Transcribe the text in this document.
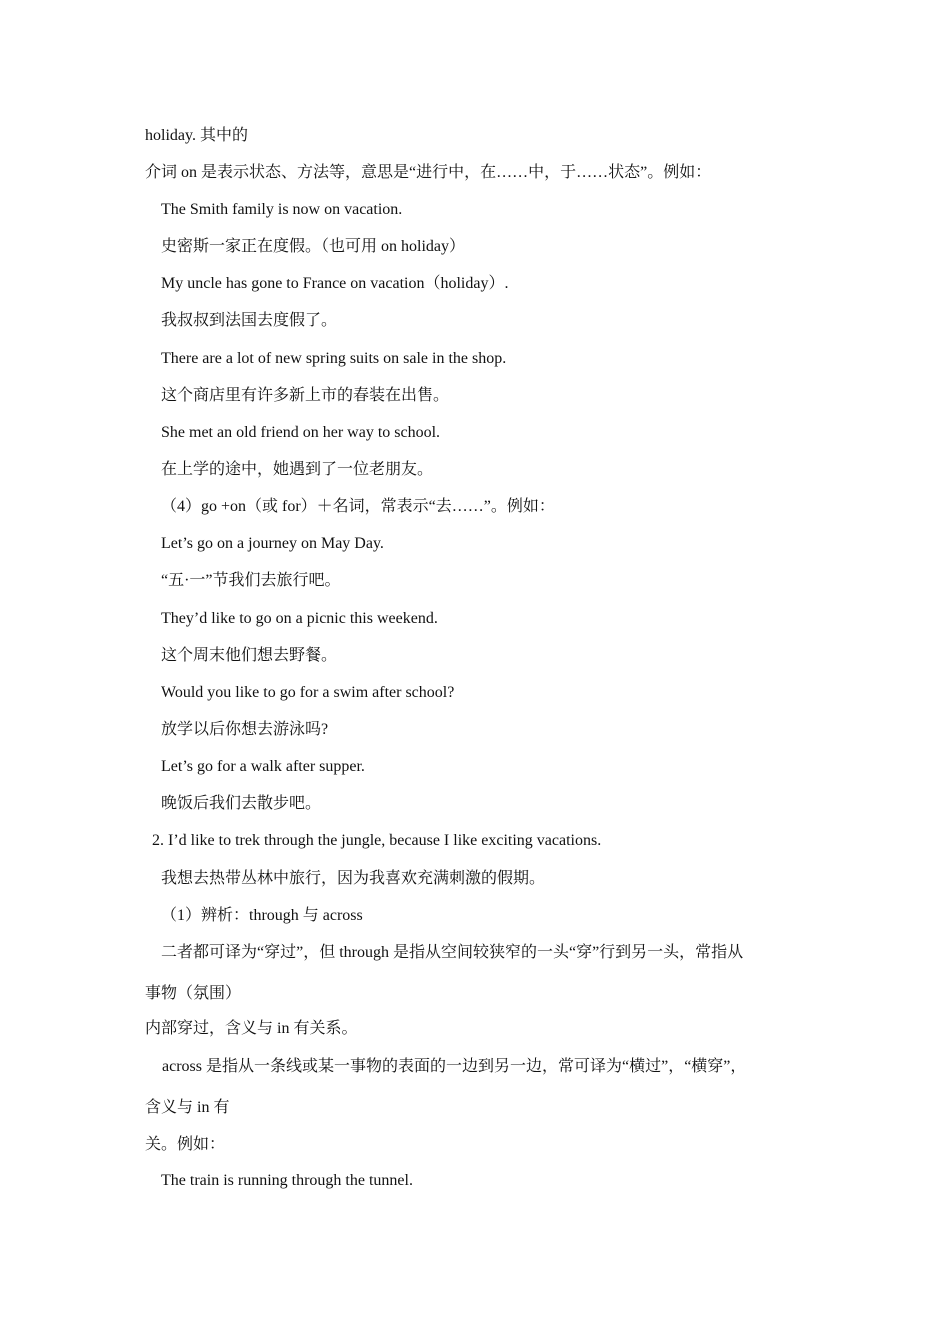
holiday. 其中的

介词 on 是表示状态、方法等，意思是“进行中，在……中，于……状态”。例如：

The Smith family is now on vacation.

史密斯一家正在度假。（也可用 on holiday）

My uncle has gone to France on vacation（holiday）.

我叔叔到法国去度假了。

There are a lot of new spring suits on sale in the shop.

这个商店里有许多新上市的春装在出售。

She met an old friend on her way to school.

在上学的途中，她遇到了一位老朋友。

（4）go +on（或 for）＋名词，常表示“去……”。例如：

Let’s go on a journey on May Day.

“五·一”节我们去旅行吧。

They’d like to go on a picnic this weekend.

这个周末他们想去野餐。

Would you like to go for a swim after school?

放学以后你想去游泳吗?

Let’s go for a walk after supper.

晚饭后我们去散步吧。

2. I’d like to trek through the jungle, because I like exciting vacations.

我想去热带丛林中旅行，因为我喜欢充满刺激的假期。

（1）辨析：through 与 across

二者都可译为“穿过”，但 through 是指从空间较狭窄的一头“穿”行到另一头，常指从

事物（氛围）

内部穿过，含义与 in 有关系。

across 是指从一条线或某一事物的表面的一边到另一边，常可译为“横过”，“横穿”，

含义与 in 有

关。例如：

The train is running through the tunnel.
